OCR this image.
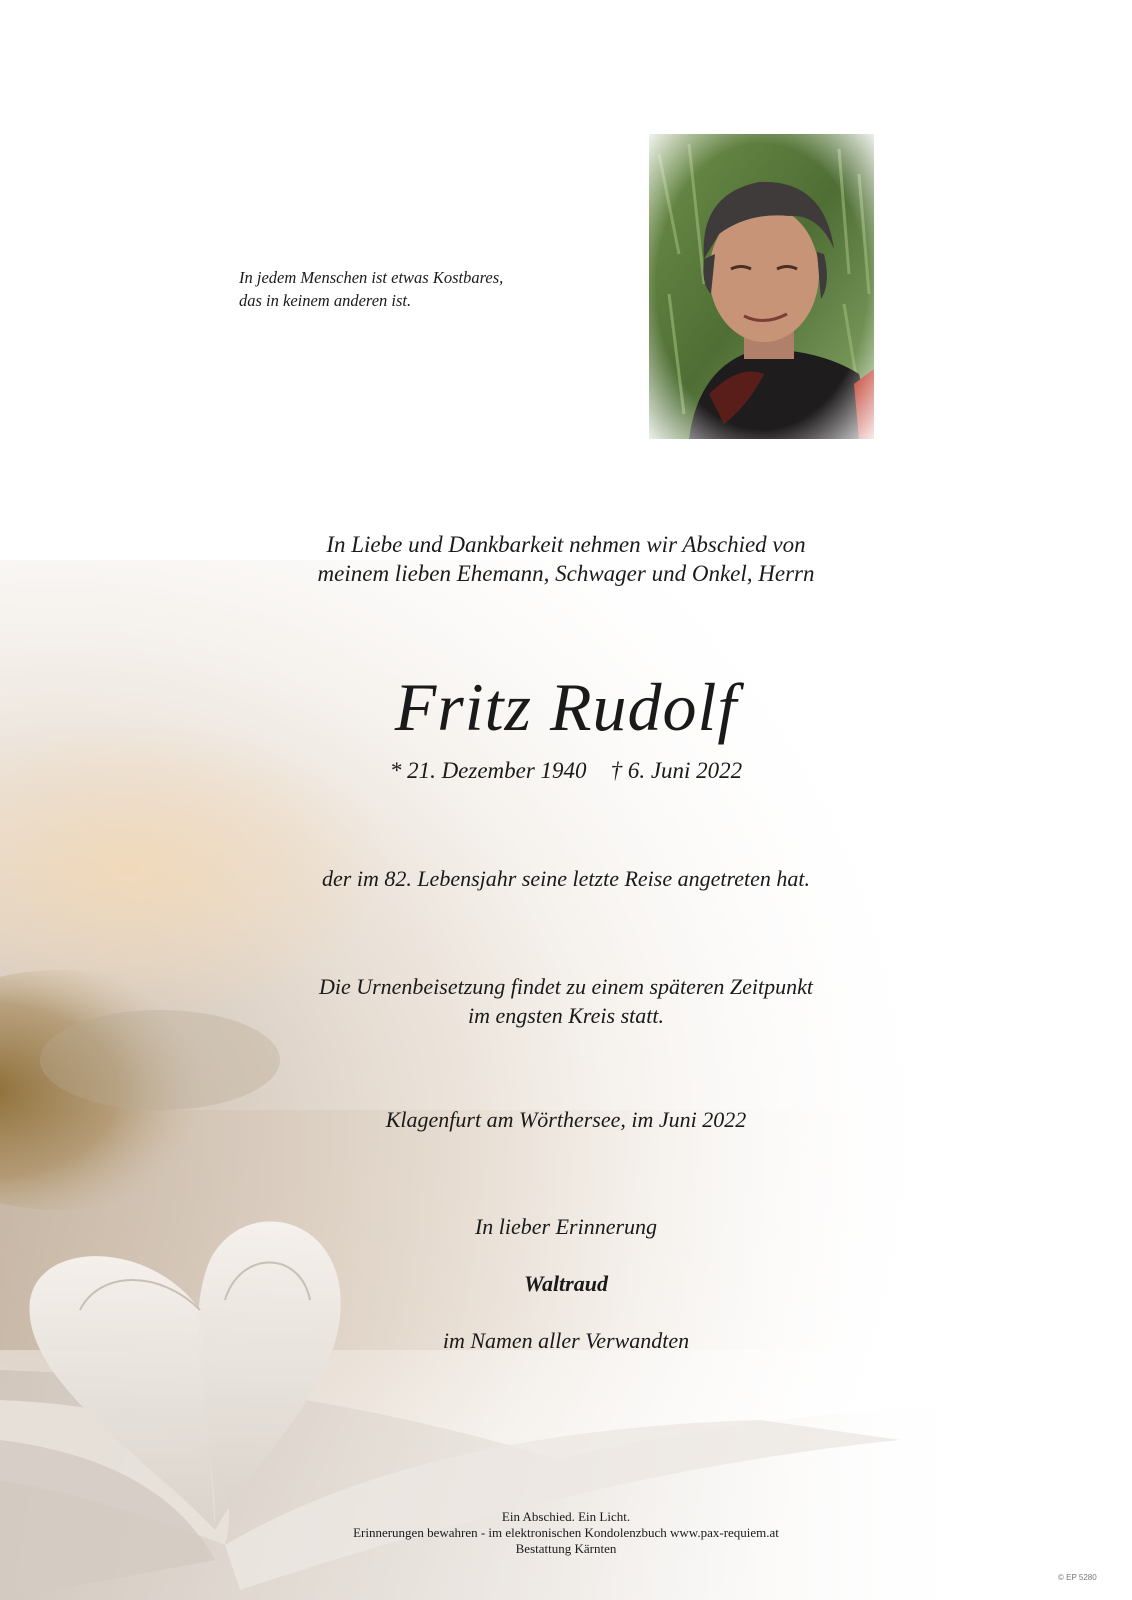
In jedem Menschen ist etwas Kostbares,
das in keinem anderen ist.
In Liebe und Dankbarkeit nehmen wir Abschied von
meinem lieben Ehemann, Schwager und Onkel, Herrn
Fritz Rudolf
* 21. Dezember 1940 † 6. Juni 2022
der im 82. Lebensjahr seine letzte Reise angetreten hat.
Die Urnenbeisetzung findet zu einem späteren Zeitpunkt
im engsten Kreis statt.
Klagenfurt am Wörthersee, im Juni 2022
In lieber Erinnerung
Waltraud
im Namen aller Verwandten
Ein Abschied. Ein Licht.
Erinnerungen bewahren - im elektronischen Kondolenzbuch www.pax-requiem.at
Bestattung Kärnten
© EP 5280
